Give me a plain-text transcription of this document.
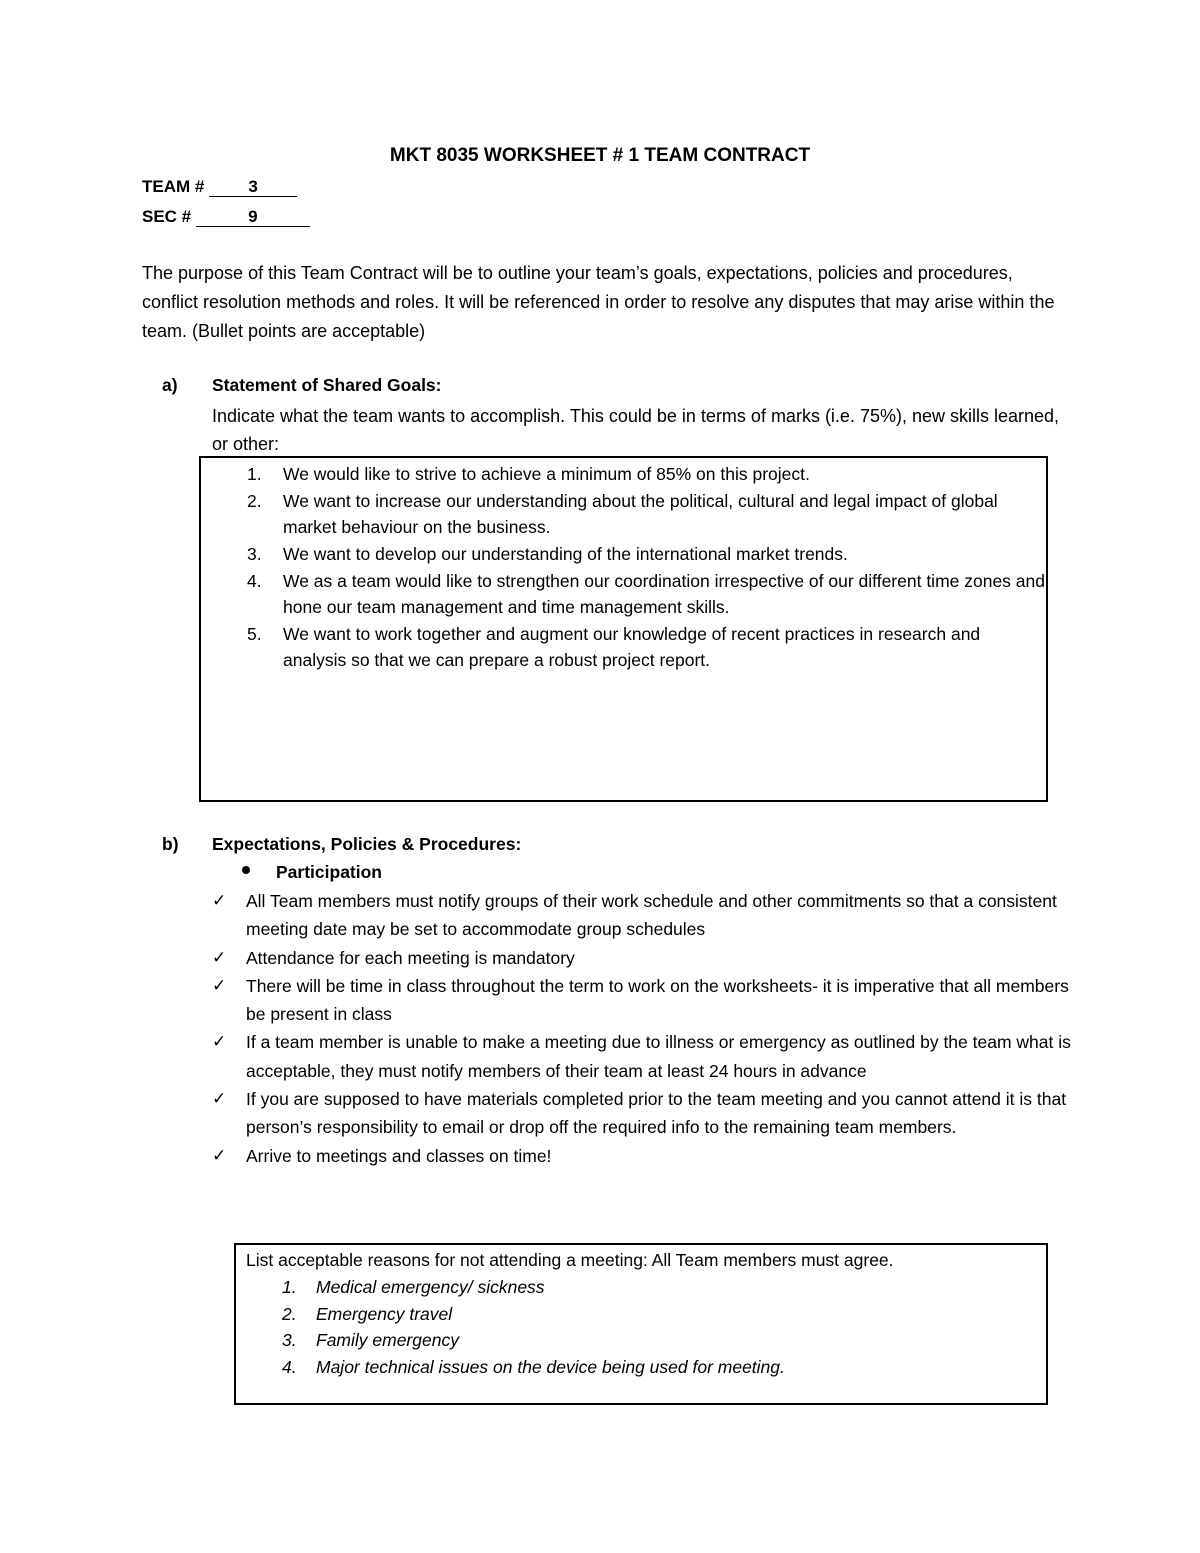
MKT 8035 WORKSHEET # 1 TEAM CONTRACT
TEAM #	3
SEC #	9
The purpose of this Team Contract will be to outline your team’s goals, expectations, policies and procedures, conflict resolution methods and roles. It will be referenced in order to resolve any disputes that may arise within the team. (Bullet points are acceptable)
a) Statement of Shared Goals:
Indicate what the team wants to accomplish. This could be in terms of marks (i.e. 75%), new skills learned, or other:
1. We would like to strive to achieve a minimum of 85% on this project.
2. We want to increase our understanding about the political, cultural and legal impact of global market behaviour on the business.
3. We want to develop our understanding of the international market trends.
4. We as a team would like to strengthen our coordination irrespective of our different time zones and hone our team management and time management skills.
5. We want to work together and augment our knowledge of recent practices in research and analysis so that we can prepare a robust project report.
b) Expectations, Policies & Procedures:
Participation
✓ All Team members must notify groups of their work schedule and other commitments so that a consistent meeting date may be set to accommodate group schedules
✓ Attendance for each meeting is mandatory
✓ There will be time in class throughout the term to work on the worksheets- it is imperative that all members be present in class
✓ If a team member is unable to make a meeting due to illness or emergency as outlined by the team what is acceptable, they must notify members of their team at least 24 hours in advance
✓ If you are supposed to have materials completed prior to the team meeting and you cannot attend it is that person’s responsibility to email or drop off the required info to the remaining team members.
✓ Arrive to meetings and classes on time!
List acceptable reasons for not attending a meeting: All Team members must agree.
1. Medical emergency/ sickness
2. Emergency travel
3. Family emergency
4. Major technical issues on the device being used for meeting.
